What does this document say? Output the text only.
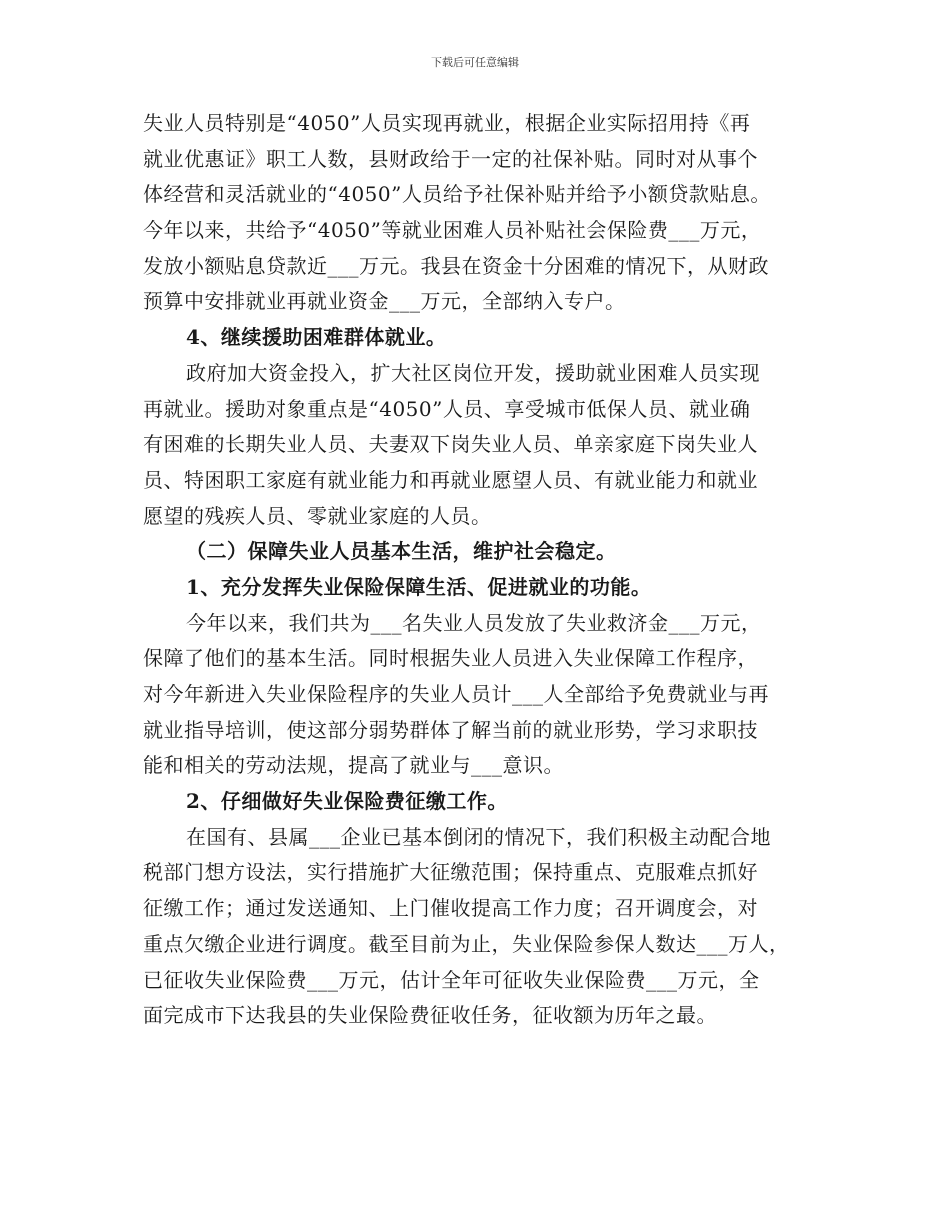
下载后可任意编辑
失业人员特别是“4050”人员实现再就业，根据企业实际招用持《再
就业优惠证》职工人数，县财政给于一定的社保补贴。同时对从事个
体经营和灵活就业的“4050”人员给予社保补贴并给予小额贷款贴息。
今年以来，共给予“4050”等就业困难人员补贴社会保险费___万元，
发放小额贴息贷款近___万元。我县在资金十分困难的情况下，从财政
预算中安排就业再就业资金___万元，全部纳入专户。
4、继续援助困难群体就业。
政府加大资金投入，扩大社区岗位开发，援助就业困难人员实现
再就业。援助对象重点是“4050”人员、享受城市低保人员、就业确
有困难的长期失业人员、夫妻双下岗失业人员、单亲家庭下岗失业人
员、特困职工家庭有就业能力和再就业愿望人员、有就业能力和就业
愿望的残疾人员、零就业家庭的人员。
（二）保障失业人员基本生活，维护社会稳定。
1、充分发挥失业保险保障生活、促进就业的功能。
今年以来，我们共为___名失业人员发放了失业救济金___万元，
保障了他们的基本生活。同时根据失业人员进入失业保障工作程序，
对今年新进入失业保险程序的失业人员计___人全部给予免费就业与再
就业指导培训，使这部分弱势群体了解当前的就业形势，学习求职技
能和相关的劳动法规，提高了就业与___意识。
2、仔细做好失业保险费征缴工作。
在国有、县属___企业已基本倒闭的情况下，我们积极主动配合地
税部门想方设法，实行措施扩大征缴范围；保持重点、克服难点抓好
征缴工作；通过发送通知、上门催收提高工作力度；召开调度会，对
重点欠缴企业进行调度。截至目前为止，失业保险参保人数达___万人，
已征收失业保险费___万元，估计全年可征收失业保险费___万元，全
面完成市下达我县的失业保险费征收任务，征收额为历年之最。
